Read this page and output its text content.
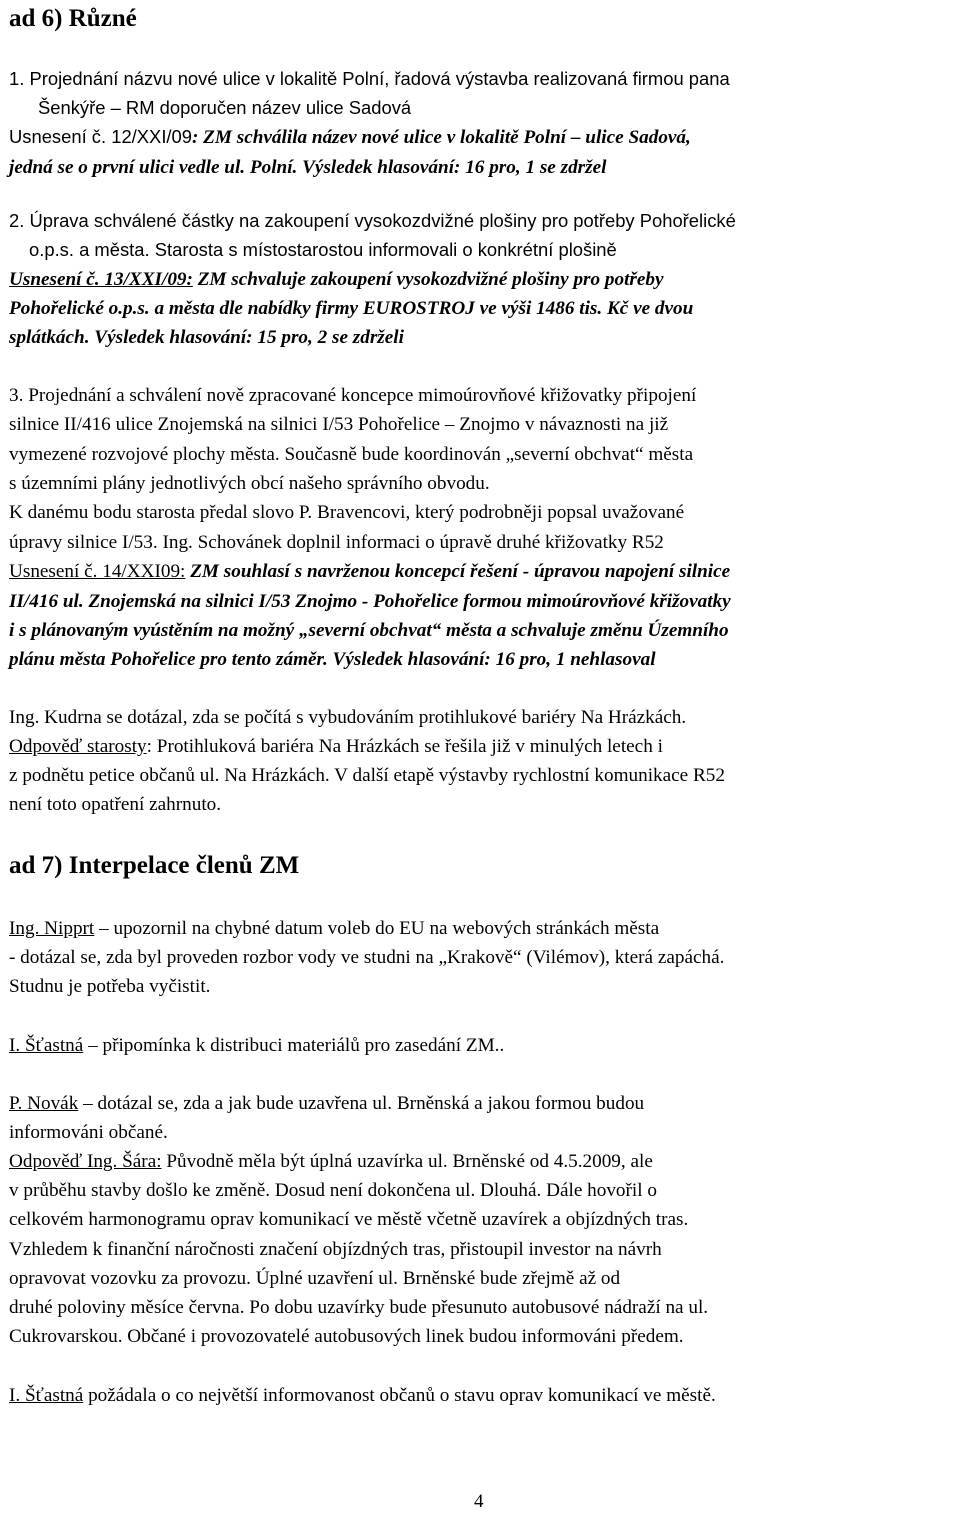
ad 6) Různé
1. Projednání názvu nové ulice v lokalitě Polní, řadová výstavba realizovaná firmou pana
Šenkýře – RM doporučen název ulice Sadová
Usnesení č. 12/XXI/09: ZM schválila název nové ulice v lokalitě Polní – ulice Sadová,
jedná se o první ulici vedle ul. Polní. Výsledek hlasování: 16 pro, 1 se zdržel
2. Úprava schválené částky na zakoupení vysokozdvižné plošiny pro potřeby Pohořelické
o.p.s. a města. Starosta s místostarostou informovali o konkrétní plošině
Usnesení č. 13/XXI/09: ZM schvaluje zakoupení vysokozdvižné plošiny pro potřeby
Pohořelické o.p.s. a města dle nabídky firmy EUROSTROJ ve výši 1486 tis. Kč ve dvou
splátkách. Výsledek hlasování: 15 pro, 2 se zdrželi
3. Projednání a schválení nově zpracované koncepce mimoúrovňové křižovatky připojení
silnice II/416 ulice Znojemská na silnici I/53 Pohořelice – Znojmo v návaznosti na již
vymezené rozvojové plochy města. Současně bude koordinován „severní obchvat“ města
s územními plány jednotlivých obcí našeho správního obvodu.
K danému bodu starosta předal slovo P. Bravencovi, který podrobněji popsal uvažované
úpravy silnice I/53. Ing. Schovánek doplnil informaci o úpravě druhé křižovatky R52
Usnesení č. 14/XXI09: ZM souhlasí s navrženou koncepcí řešení - úpravou napojení silnice
II/416 ul. Znojemská na silnici I/53 Znojmo - Pohořelice formou mimoúrovňové křižovatky
i s plánovaným vyústěním na možný „severní obchvat“ města a schvaluje změnu Územního
plánu města Pohořelice pro tento záměr. Výsledek hlasování: 16 pro, 1 nehlasoval
Ing. Kudrna se dotázal, zda se počítá s vybudováním protihlukové bariéry Na Hrázkách.
Odpověď starosty: Protihluková bariéra Na Hrázkách se řešila již v minulých letech i
z podnětu petice občanů ul. Na Hrázkách. V další etapě výstavby rychlostní komunikace R52
není toto opatření zahrnuto.
ad 7) Interpelace členů ZM
Ing. Nipprt – upozornil na chybné datum voleb do EU na webových stránkách města
- dotázal se, zda byl proveden rozbor vody ve studni na „Krakově“ (Vilémov), která zapáchá.
Studnu je potřeba vyčistit.
I. Šťastná – připomínka k distribuci materiálů pro zasedání ZM..
P. Novák – dotázal se, zda a jak bude uzavřena ul. Brněnská a jakou formou budou
informováni občané.
Odpověď Ing. Šára: Původně měla být úplná uzavírka ul. Brněnské od 4.5.2009, ale
v průběhu stavby došlo ke změně. Dosud není dokončena ul. Dlouhá. Dále hovořil o
celkovém harmonogramu oprav komunikací ve městě včetně uzavírek a objízdných tras.
Vzhledem k finanční náročnosti značení objízdných tras, přistoupil investor na návrh
opravovat vozovku za provozu. Úplné uzavření ul. Brněnské bude zřejmě až od
druhé poloviny měsíce června. Po dobu uzavírky bude přesunuto autobusové nádraží na ul.
Cukrovarskou. Občané i provozovatelé autobusových linek budou informováni předem.
I. Šťastná požádala o co největší informovanost občanů o stavu oprav komunikací ve městě.
4
